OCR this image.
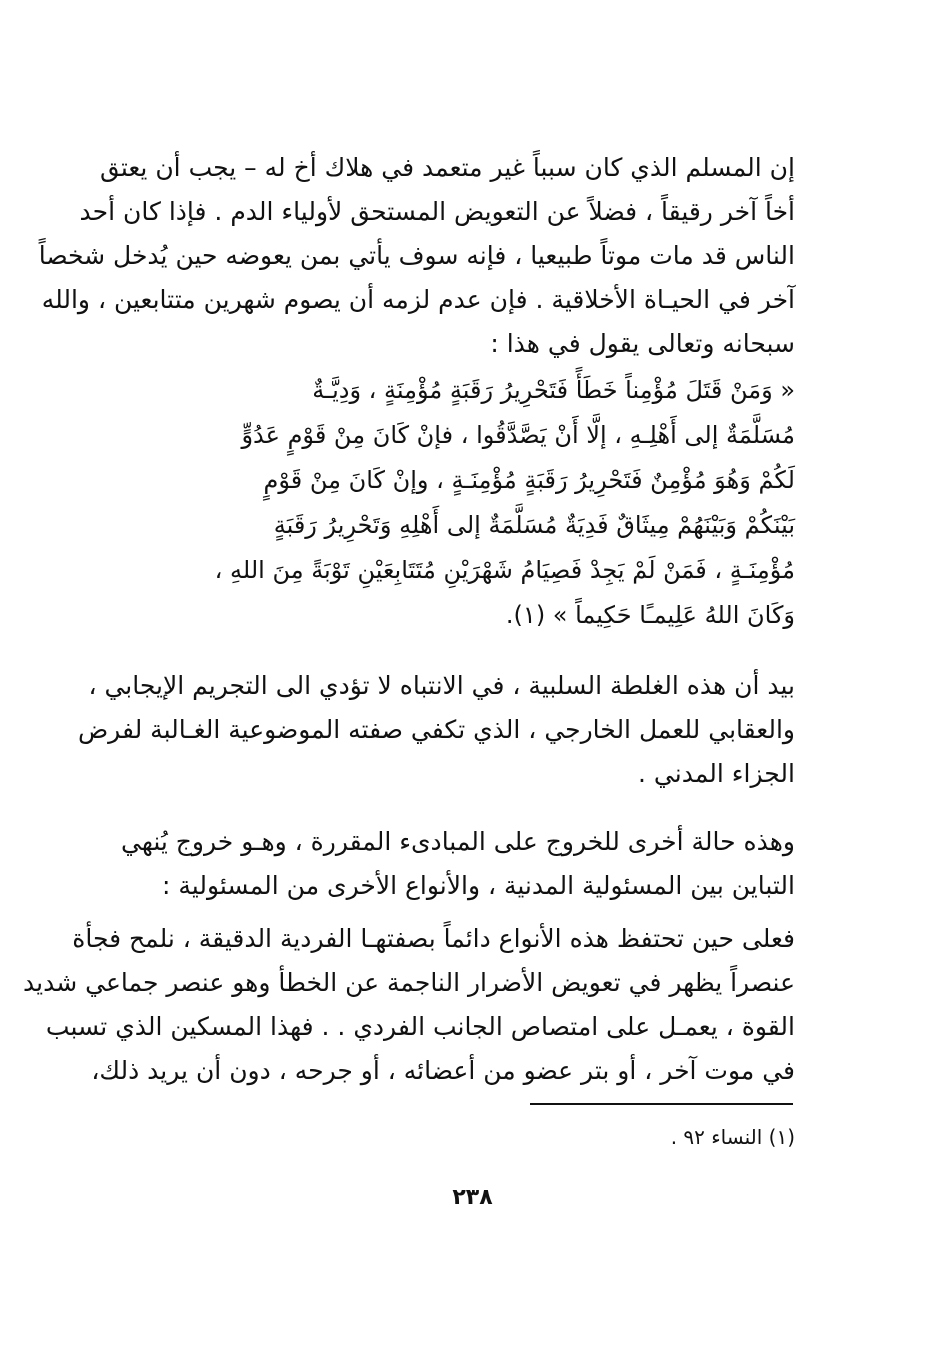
إن المسلم الذي كان سبباً غير متعمد في هلاك أخ له – يجب أن يعتق
أخاً آخر رقيقاً ، فضلاً عن التعويض المستحق لأولياء الدم . فإذا كان أحد
الناس قد مات موتاً طبيعيا ، فإنه سوف يأتي بمن يعوضه حين يُدخل شخصاً
آخر في الحيـاة الأخلاقية . فإن عدم لزمه أن يصوم شهرين متتابعين ، والله
سبحانه وتعالى يقول في هذا :
« وَمَنْ قَتَلَ مُؤْمِناً خَطَأً فَتَحْرِيرُ رَقَبَةٍ مُؤْمِنَةٍ ، وَدِيَّـةٌ
مُسَلَّمَةٌ إلى أَهْلِـهِ ، إلَّا أَنْ يَصَّدَّقُوا ، فإنْ كَانَ مِنْ قَوْمٍ عَدُوٍّ
لَكُمْ وَهُوَ مُؤْمِنٌ فَتَحْرِيرُ رَقَبَةٍ مُؤْمِنَـةٍ ، وإنْ كَانَ مِنْ قَوْمٍ
بَيْنَكُمْ وَبَيْنَهُمْ مِيثَاقٌ فَدِيَةٌ مُسَلَّمَةٌ إلى أَهْلِهِ وَتَحْرِيرُ رَقَبَةٍ
مُؤْمِنَـةٍ ، فَمَنْ لَمْ يَجِدْ فَصِيَامُ شَهْرَيْنِ مُتَتَابِعَيْنِ تَوْبَةً مِنَ اللهِ ،
وَكَانَ اللهُ عَلِيمـًا حَكِيماً » (١).
بيد أن هذه الغلطة السلبية ، في الانتباه لا تؤدي الى التجريم الإيجابي ،
والعقابي للعمل الخارجي ، الذي تكفي صفته الموضوعية الغـالبة لفرض
الجزاء المدني .
وهذه حالة أخرى للخروج على المبادىء المقررة ، وهـو خروج يُنهي
التباين بين المسئولية المدنية ، والأنواع الأخرى من المسئولية :
فعلى حين تحتفظ هذه الأنواع دائماً بصفتهـا الفردية الدقيقة ، نلمح فجأة
عنصراً يظهر في تعويض الأضرار الناجمة عن الخطأ وهو عنصر جماعي شديد
القوة ، يعمـل على امتصاص الجانب الفردي . . فهذا المسكين الذي تسبب
في موت آخر ، أو بتر عضو من أعضائه ، أو جرحه ، دون أن يريد ذلك،
(١) النساء ٩٢ .
٢٣٨
